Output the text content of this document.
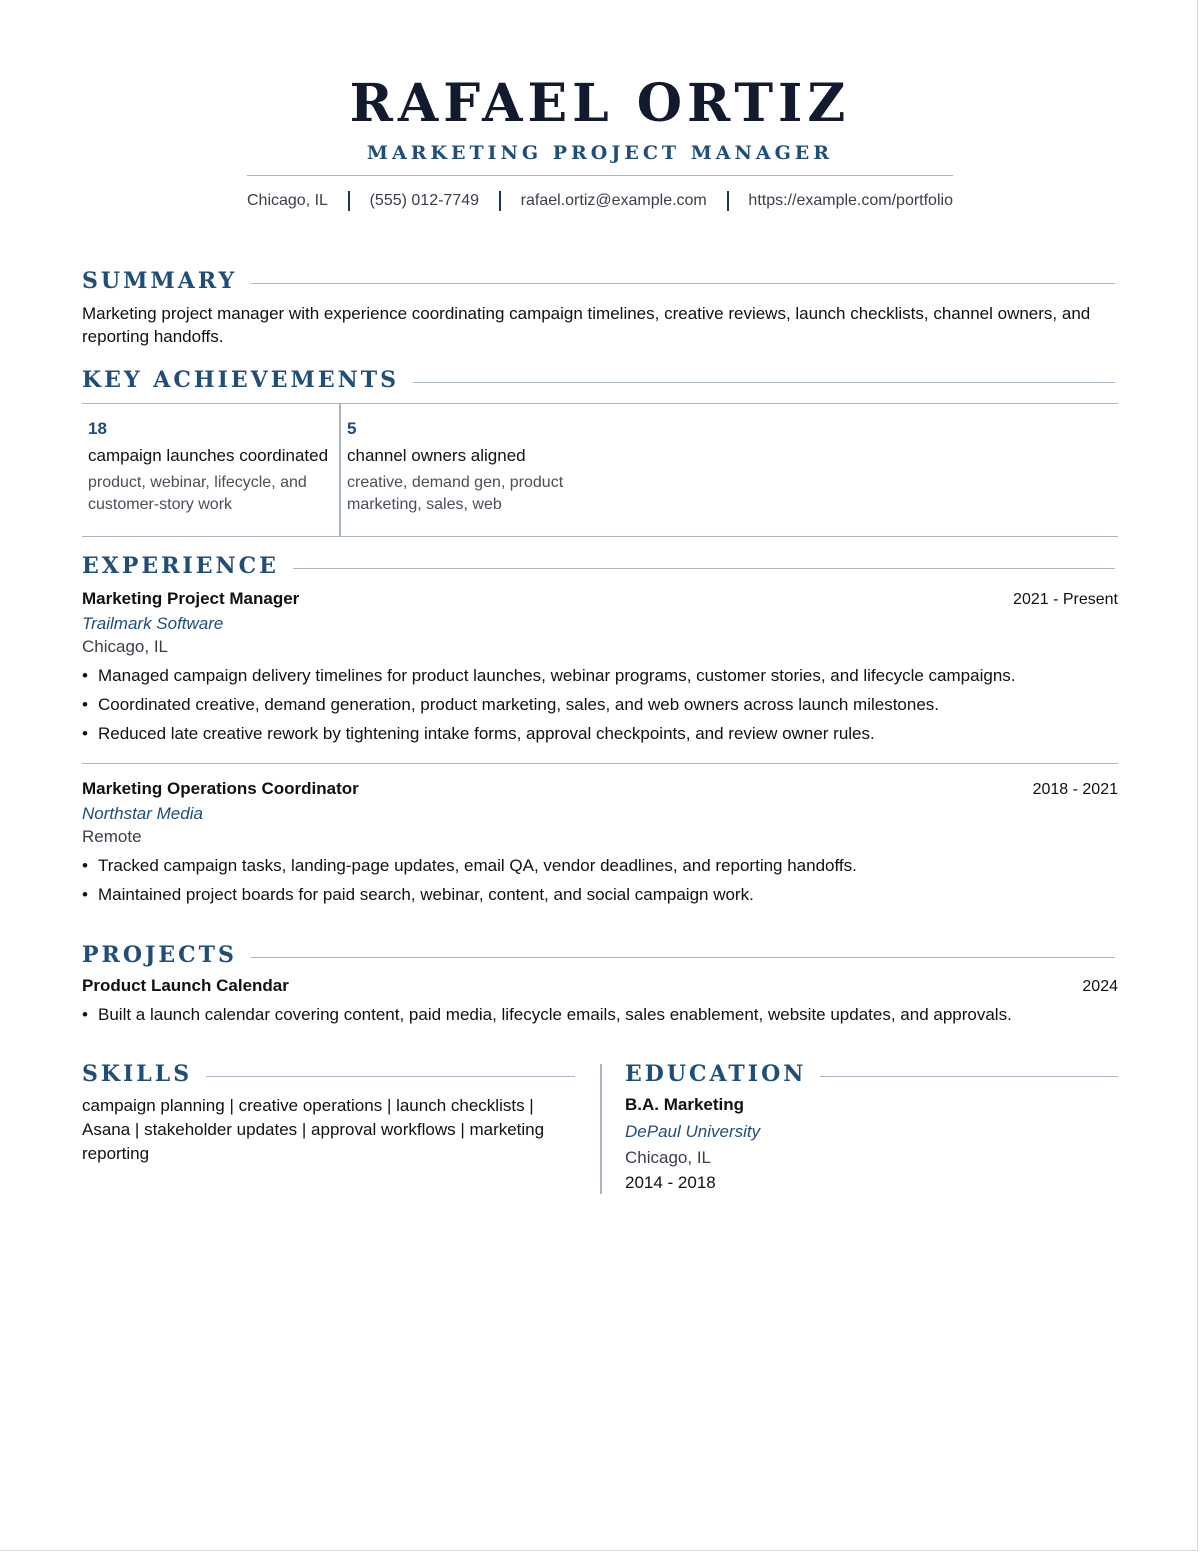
RAFAEL ORTIZ
MARKETING PROJECT MANAGER
Chicago, IL	(555) 012-7749	rafael.ortiz@example.com	https://example.com/portfolio
SUMMARY
Marketing project manager with experience coordinating campaign timelines, creative reviews, launch checklists, channel owners, and reporting handoffs.
KEY ACHIEVEMENTS
18
campaign launches coordinated
product, webinar, lifecycle, and customer-story work
5
channel owners aligned
creative, demand gen, product marketing, sales, web
EXPERIENCE
Marketing Project Manager	2021 - Present
Trailmark Software
Chicago, IL
• Managed campaign delivery timelines for product launches, webinar programs, customer stories, and lifecycle campaigns.
• Coordinated creative, demand generation, product marketing, sales, and web owners across launch milestones.
• Reduced late creative rework by tightening intake forms, approval checkpoints, and review owner rules.
Marketing Operations Coordinator	2018 - 2021
Northstar Media
Remote
• Tracked campaign tasks, landing-page updates, email QA, vendor deadlines, and reporting handoffs.
• Maintained project boards for paid search, webinar, content, and social campaign work.
PROJECTS
Product Launch Calendar	2024
• Built a launch calendar covering content, paid media, lifecycle emails, sales enablement, website updates, and approvals.
SKILLS
campaign planning | creative operations | launch checklists | Asana | stakeholder updates | approval workflows | marketing reporting
EDUCATION
B.A. Marketing
DePaul University
Chicago, IL
2014 - 2018
